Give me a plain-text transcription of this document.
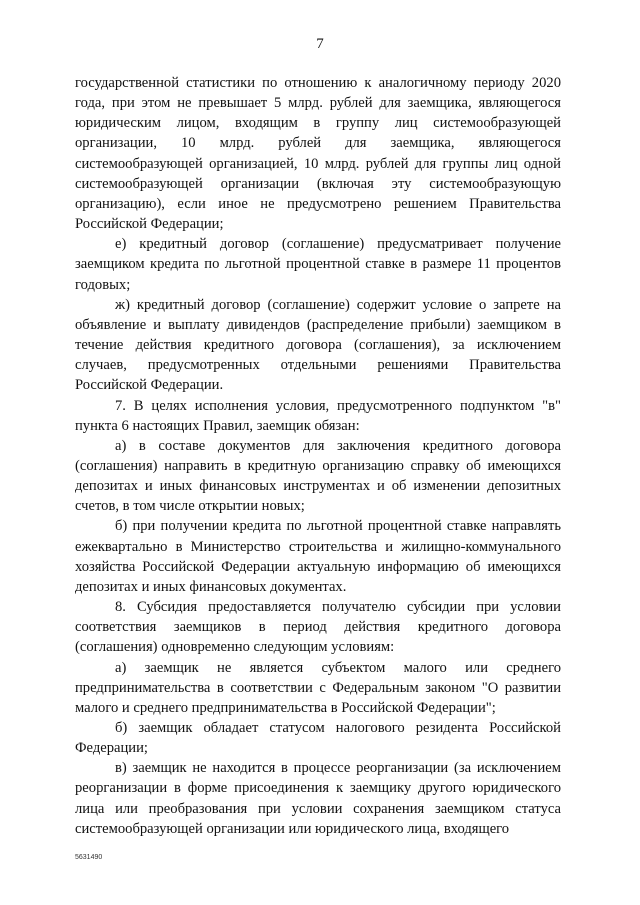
7

государственной статистики по отношению к аналогичному периоду 2020 года, при этом не превышает 5 млрд. рублей для заемщика, являющегося юридическим лицом, входящим в группу лиц системообразующей организации, 10 млрд. рублей для заемщика, являющегося системообразующей организацией, 10 млрд. рублей для группы лиц одной системообразующей организации (включая эту системообразующую организацию), если иное не предусмотрено решением Правительства Российской Федерации;

е) кредитный договор (соглашение) предусматривает получение заемщиком кредита по льготной процентной ставке в размере 11 процентов годовых;

ж) кредитный договор (соглашение) содержит условие о запрете на объявление и выплату дивидендов (распределение прибыли) заемщиком в течение действия кредитного договора (соглашения), за исключением случаев, предусмотренных отдельными решениями Правительства Российской Федерации.

7. В целях исполнения условия, предусмотренного подпунктом "в" пункта 6 настоящих Правил, заемщик обязан:

а) в составе документов для заключения кредитного договора (соглашения) направить в кредитную организацию справку об имеющихся депозитах и иных финансовых инструментах и об изменении депозитных счетов, в том числе открытии новых;

б) при получении кредита по льготной процентной ставке направлять ежеквартально в Министерство строительства и жилищно-коммунального хозяйства Российской Федерации актуальную информацию об имеющихся депозитах и иных финансовых документах.

8. Субсидия предоставляется получателю субсидии при условии соответствия заемщиков в период действия кредитного договора (соглашения) одновременно следующим условиям:

а) заемщик не является субъектом малого или среднего предпринимательства в соответствии с Федеральным законом "О развитии малого и среднего предпринимательства в Российской Федерации";

б) заемщик обладает статусом налогового резидента Российской Федерации;

в) заемщик не находится в процессе реорганизации (за исключением реорганизации в форме присоединения к заемщику другого юридического лица или преобразования при условии сохранения заемщиком статуса системообразующей организации или юридического лица, входящего

5631490
